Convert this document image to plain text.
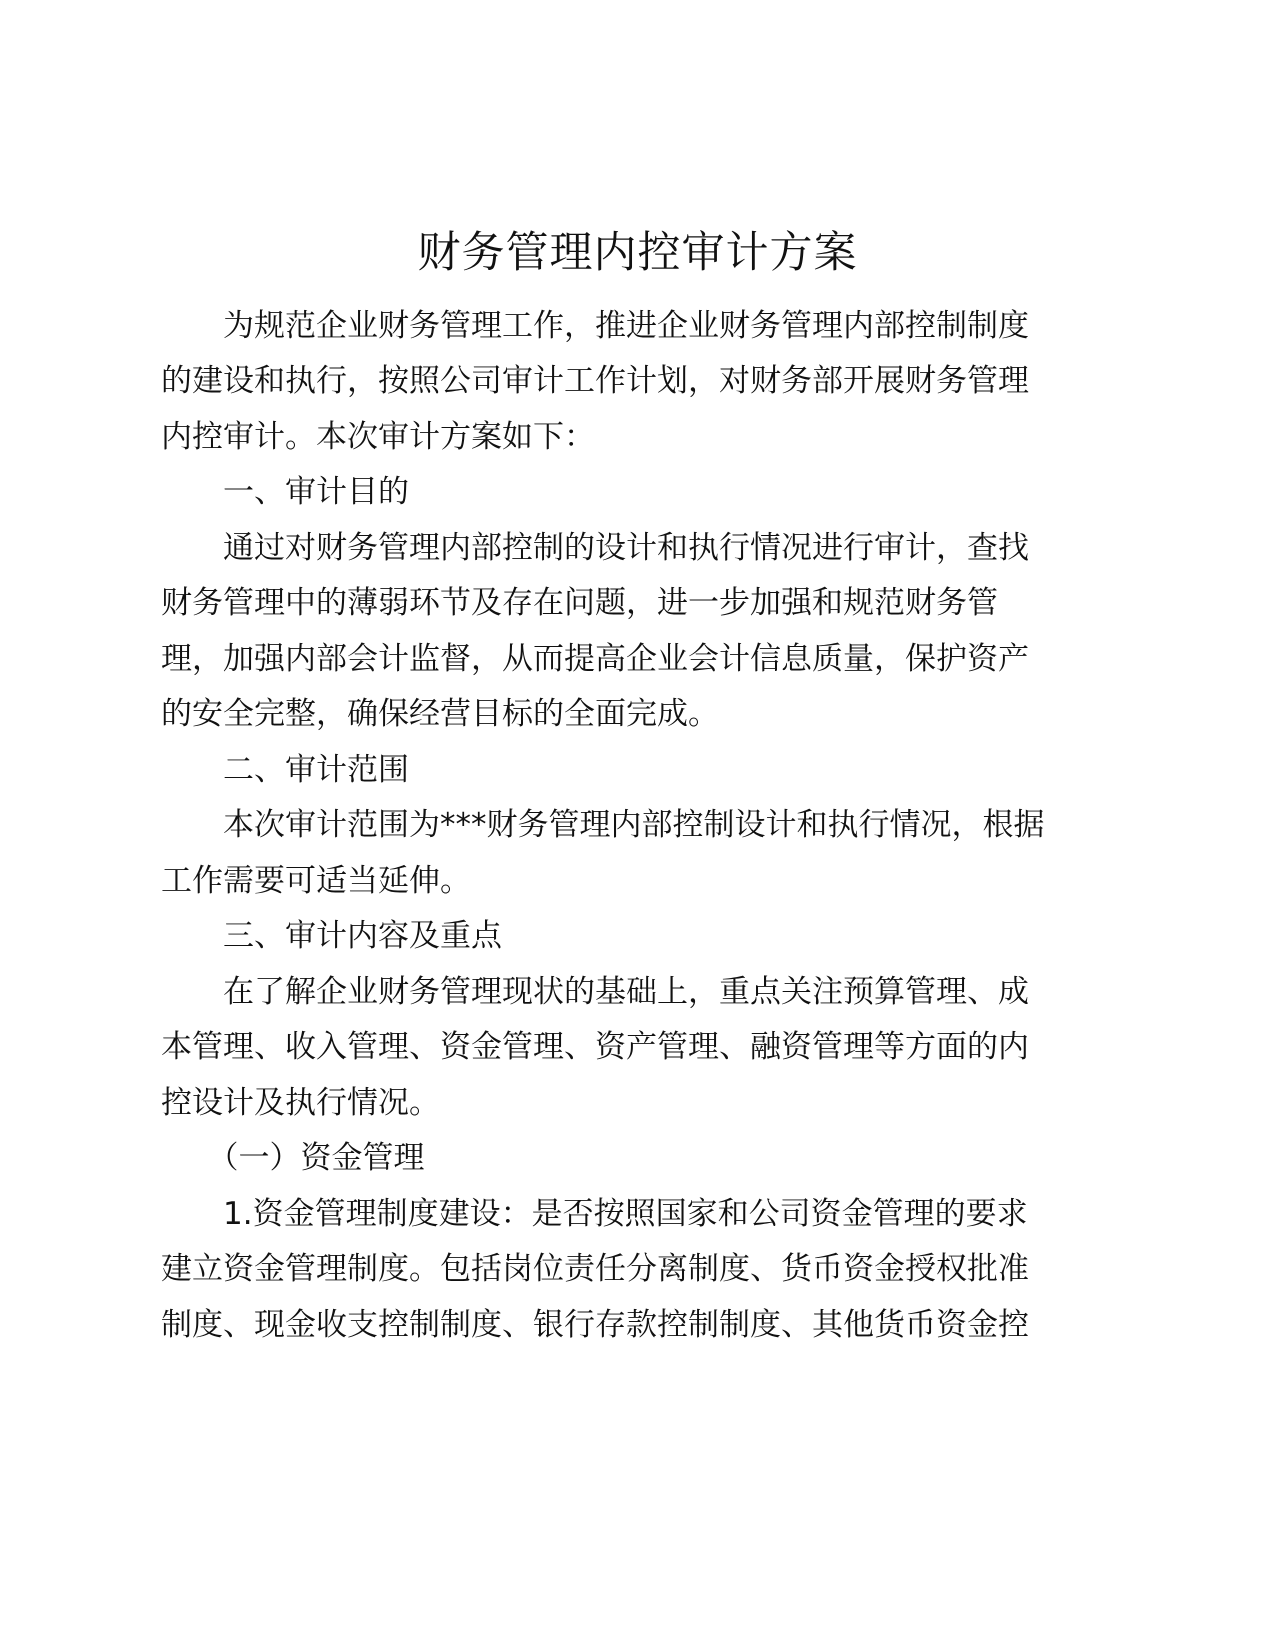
财务管理内控审计方案
　　为规范企业财务管理工作，推进企业财务管理内部控制制度
的建设和执行，按照公司审计工作计划，对财务部开展财务管理
内控审计。本次审计方案如下：
　　一、审计目的
　　通过对财务管理内部控制的设计和执行情况进行审计，查找
财务管理中的薄弱环节及存在问题，进一步加强和规范财务管
理，加强内部会计监督，从而提高企业会计信息质量，保护资产
的安全完整，确保经营目标的全面完成。
　　二、审计范围
　　本次审计范围为***财务管理内部控制设计和执行情况，根据
工作需要可适当延伸。
　　三、审计内容及重点
　　在了解企业财务管理现状的基础上，重点关注预算管理、成
本管理、收入管理、资金管理、资产管理、融资管理等方面的内
控设计及执行情况。
　　（一）资金管理
　　1.资金管理制度建设：是否按照国家和公司资金管理的要求
建立资金管理制度。包括岗位责任分离制度、货币资金授权批准
制度、现金收支控制制度、银行存款控制制度、其他货币资金控
